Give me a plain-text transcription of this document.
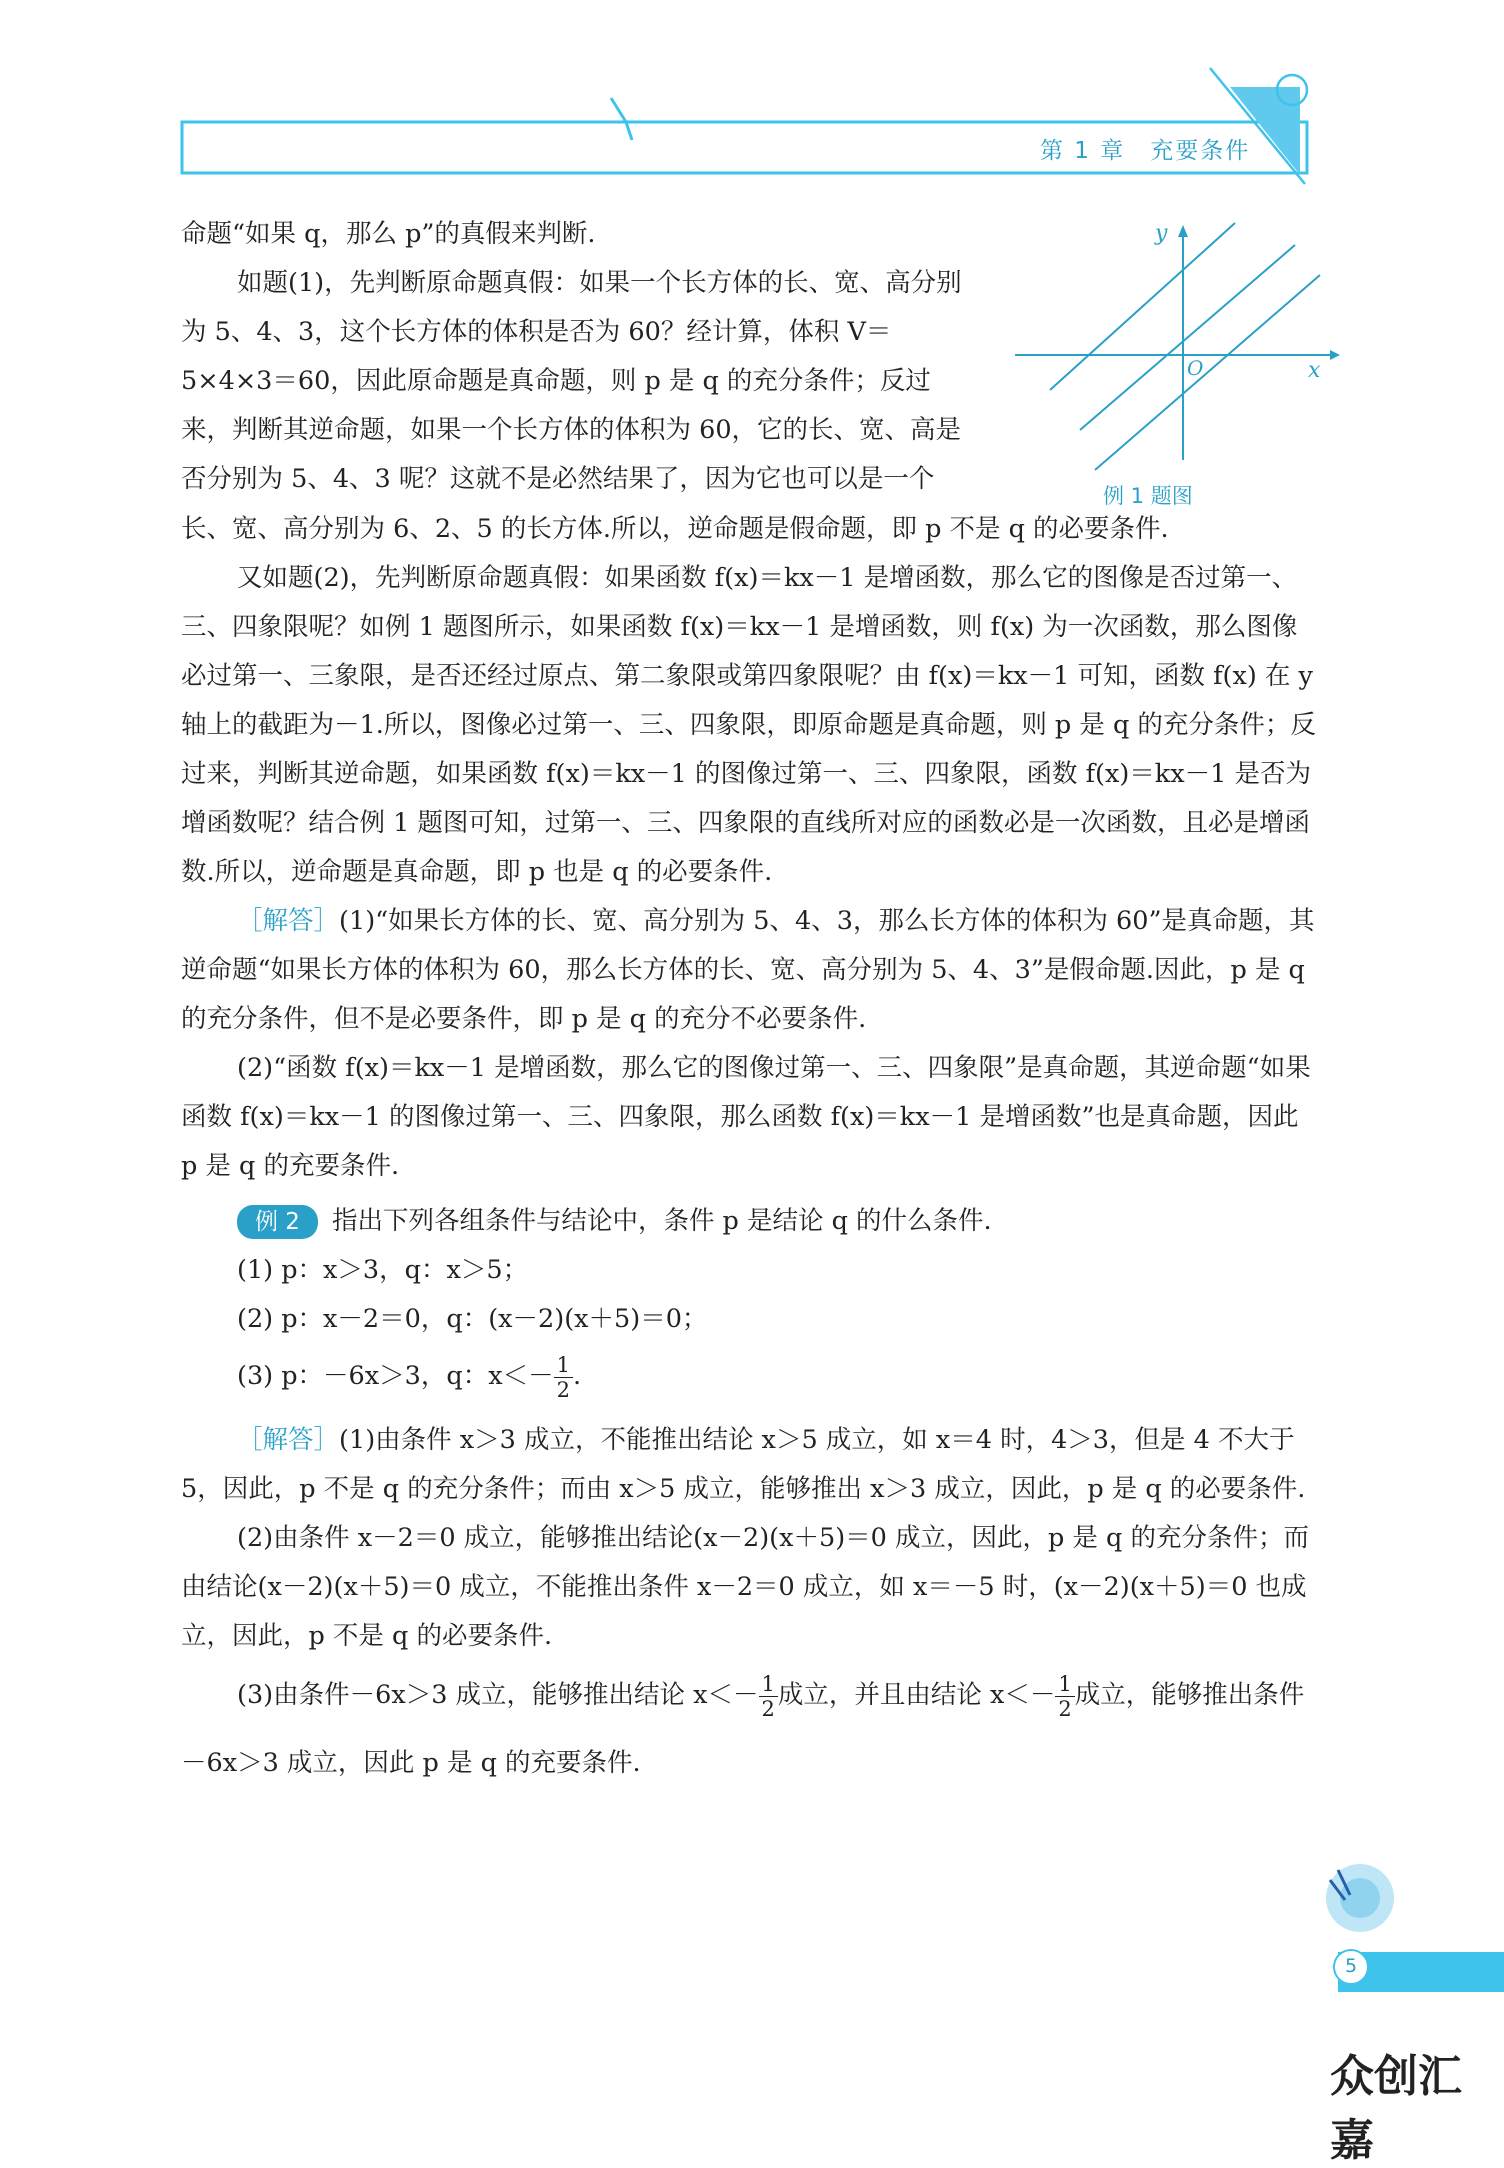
第 1 章　充要条件
y
x
O
例 1 题图

命题“如果 q，那么 p”的真假来判断.

如题(1)，先判断原命题真假：如果一个长方体的长、宽、高分别为 5、4、3，这个长方体的体积是否为 60？经计算，体积 V＝5×4×3＝60，因此原命题是真命题，则 p 是 q 的充分条件；反过来，判断其逆命题，如果一个长方体的体积为 60，它的长、宽、高是否分别为 5、4、3 呢？这就不是必然结果了，因为它也可以是一个

长、宽、高分别为 6、2、5 的长方体.所以，逆命题是假命题，即 p 不是 q 的必要条件.

又如题(2)，先判断原命题真假：如果函数 f(x)＝kx－1 是增函数，那么它的图像是否过第一、三、四象限呢？如例 1 题图所示，如果函数 f(x)＝kx－1 是增函数，则 f(x) 为一次函数，那么图像必过第一、三象限，是否还经过原点、第二象限或第四象限呢？由 f(x)＝kx－1 可知，函数 f(x) 在 y 轴上的截距为－1.所以，图像必过第一、三、四象限，即原命题是真命题，则 p 是 q 的充分条件；反过来，判断其逆命题，如果函数 f(x)＝kx－1 的图像过第一、三、四象限，函数 f(x)＝kx－1 是否为增函数呢？结合例 1 题图可知，过第一、三、四象限的直线所对应的函数必是一次函数，且必是增函数.所以，逆命题是真命题，即 p 也是 q 的必要条件.

［解答］(1)“如果长方体的长、宽、高分别为 5、4、3，那么长方体的体积为 60”是真命题，其逆命题“如果长方体的体积为 60，那么长方体的长、宽、高分别为 5、4、3”是假命题.因此，p 是 q 的充分条件，但不是必要条件，即 p 是 q 的充分不必要条件.

(2)“函数 f(x)＝kx－1 是增函数，那么它的图像过第一、三、四象限”是真命题，其逆命题“如果函数 f(x)＝kx－1 的图像过第一、三、四象限，那么函数 f(x)＝kx－1 是增函数”也是真命题，因此 p 是 q 的充要条件.

例 2 指出下列各组条件与结论中，条件 p 是结论 q 的什么条件.

(1) p：x＞3，q：x＞5；

(2) p：x－2＝0，q：(x－2)(x＋5)＝0；

(3) p：－6x＞3，q：$x<- \frac{1}{2}$ .

［解答］(1)由条件 x＞3 成立，不能推出结论 x＞5 成立，如 x＝4 时，4＞3，但是 4 不大于 5，因此，p 不是 q 的充分条件；而由 x＞5 成立，能够推出 x＞3 成立，因此，p 是 q 的必要条件.

(2)由条件 x－2＝0 成立，能够推出结论(x－2)(x＋5)＝0 成立，因此，p 是 q 的充分条件；而由结论(x－2)(x＋5)＝0 成立，不能推出条件 x－2＝0 成立，如 x＝－5 时，(x－2)(x＋5)＝0 也成立，因此，p 不是 q 的必要条件.

(3)由条件－6x＞3 成立，能够推出结论 $x<- \frac{1}{2}$ 成立，并且由结论 $x<- \frac{1}{2}$ 成立，能够推出条件－6x＞3 成立，因此 p 是 q 的充要条件.

5
众创汇嘉
